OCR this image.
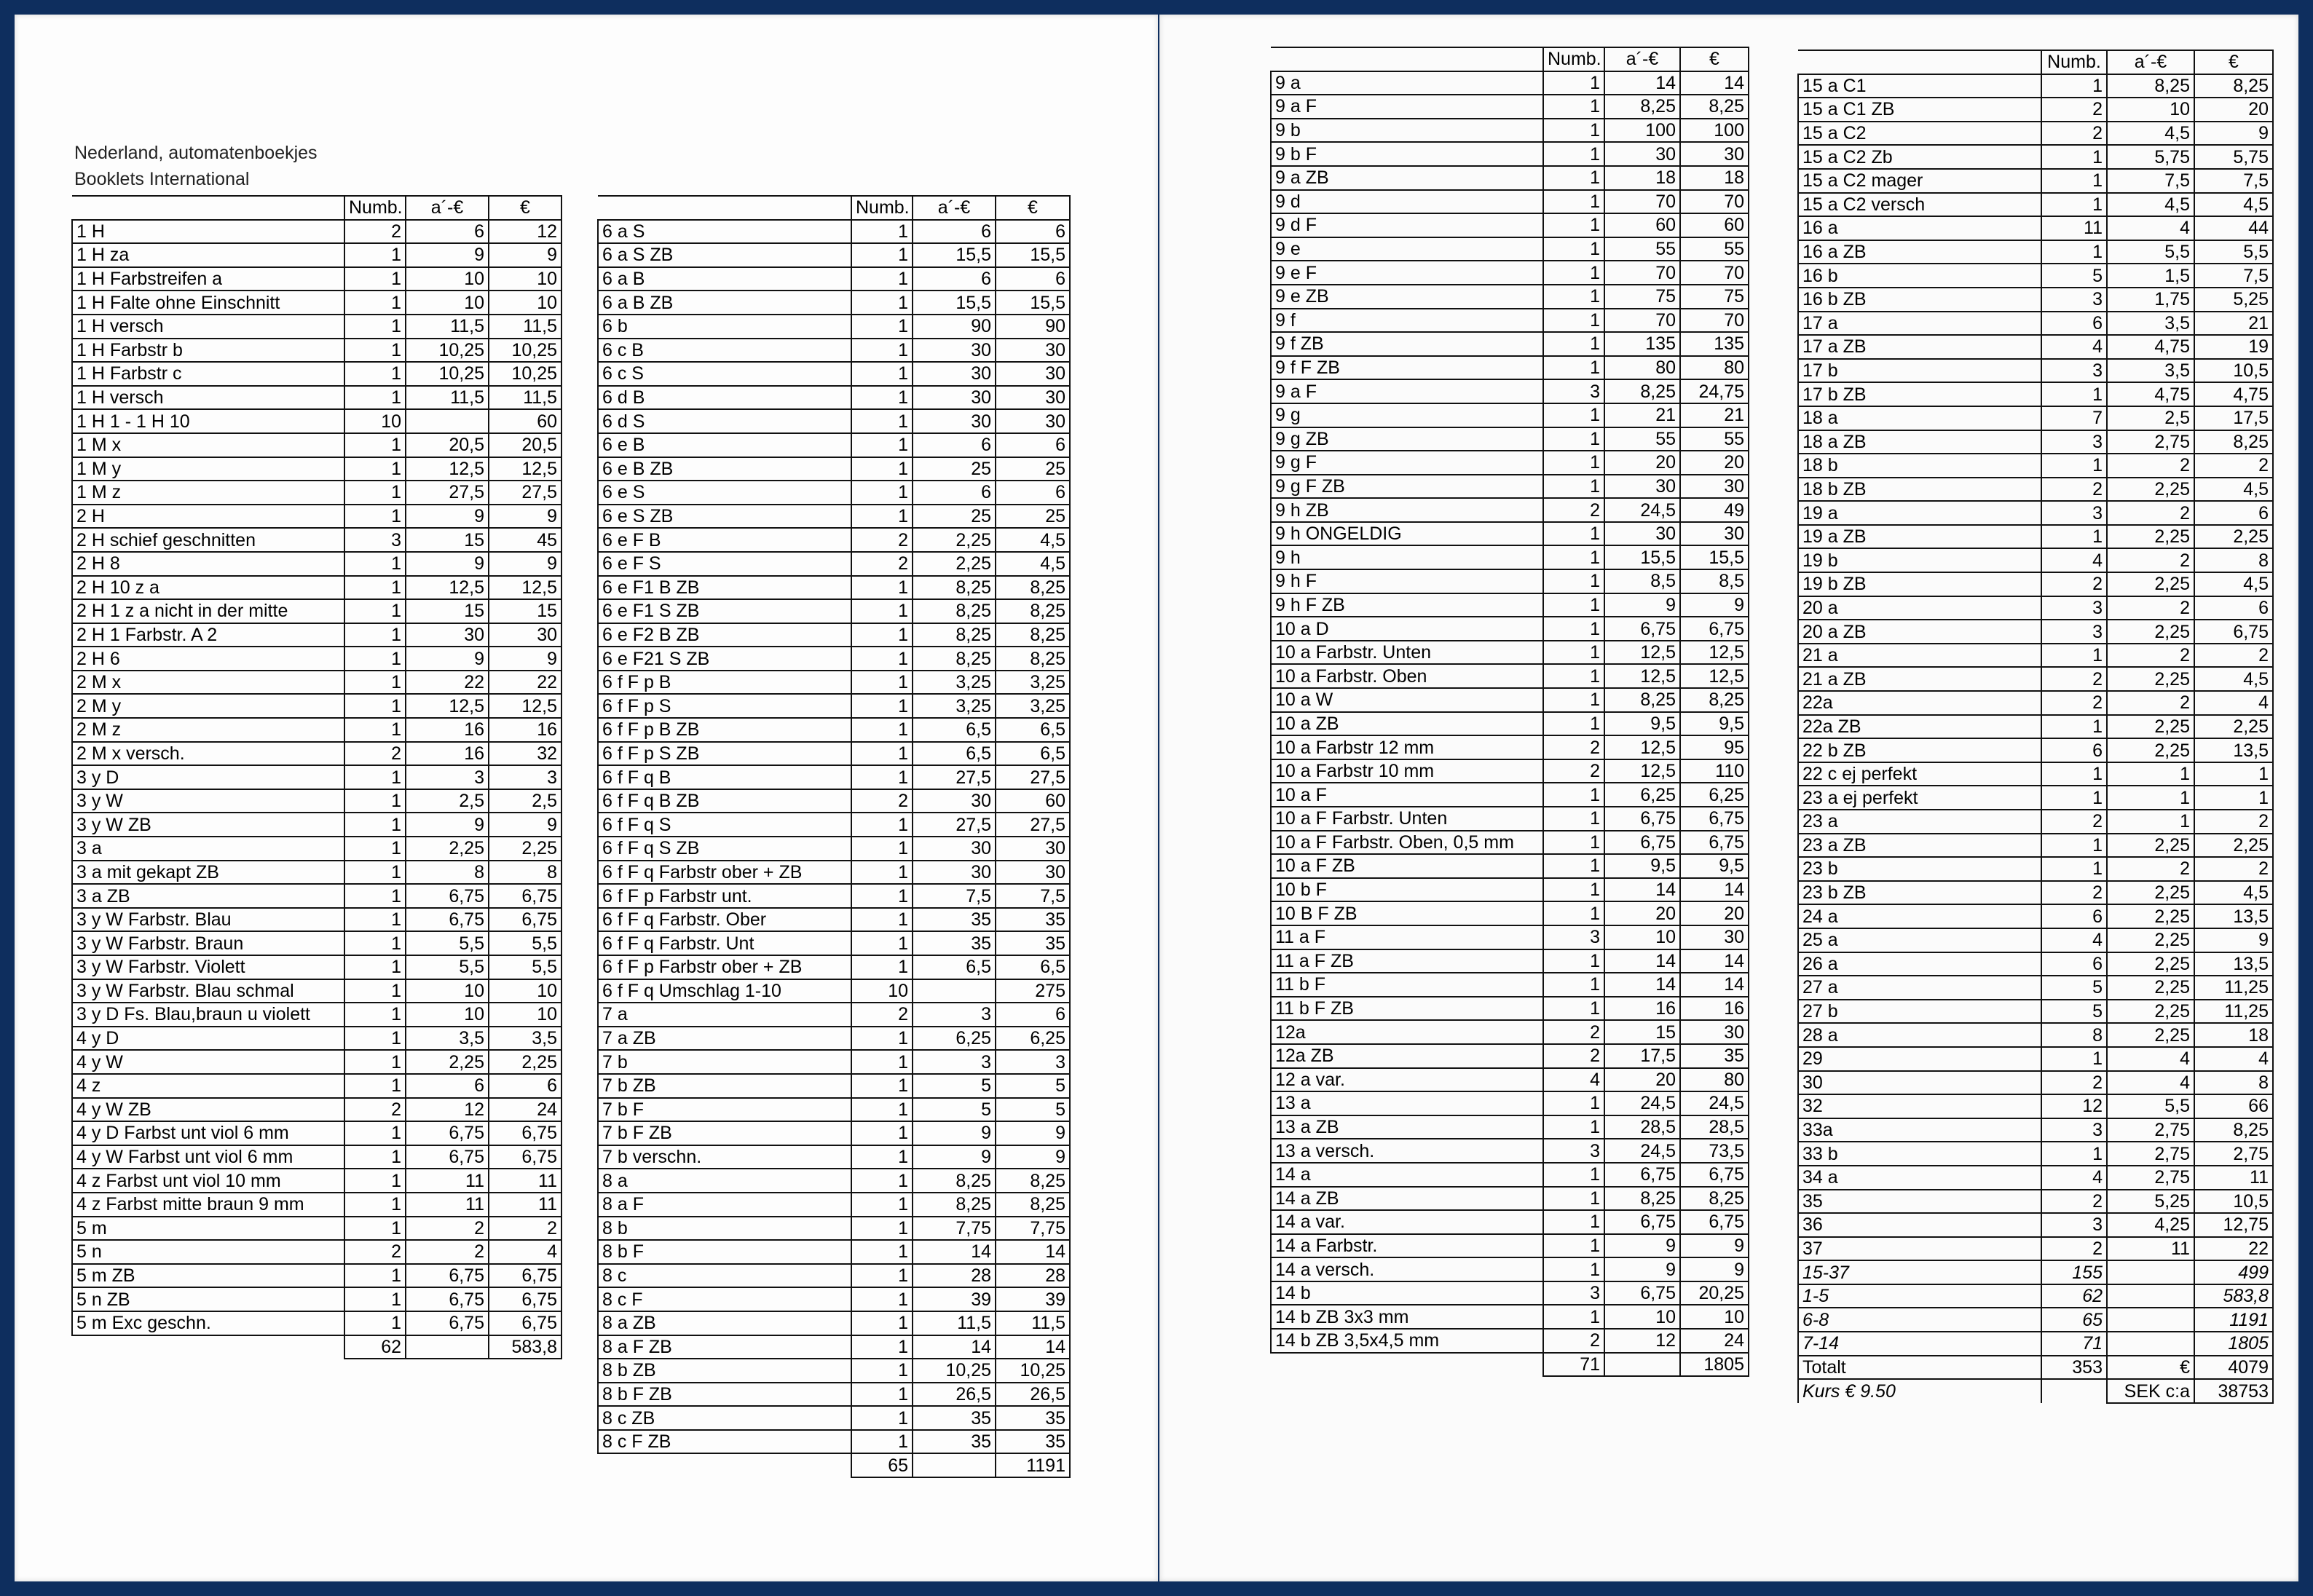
Nederland, automatenboekjes
Booklets International
	Numb.	a´-€	€
1 H	2	6	12
1 H za	1	9	9
1 H Farbstreifen a	1	10	10
1 H Falte ohne Einschnitt	1	10	10
1 H versch	1	11,5	11,5
1 H Farbstr b	1	10,25	10,25
1 H Farbstr c	1	10,25	10,25
1 H versch	1	11,5	11,5
1 H 1 - 1 H 10	10		60
1 M x	1	20,5	20,5
1 M y	1	12,5	12,5
1 M z	1	27,5	27,5
2 H	1	9	9
2 H schief geschnitten	3	15	45
2 H 8	1	9	9
2 H 10 z a	1	12,5	12,5
2 H 1 z a nicht in der mitte	1	15	15
2 H 1 Farbstr. A 2	1	30	30
2 H 6	1	9	9
2 M x	1	22	22
2 M y	1	12,5	12,5
2 M z	1	16	16
2 M x versch.	2	16	32
3 y D	1	3	3
3 y W	1	2,5	2,5
3 y W ZB	1	9	9
3 a	1	2,25	2,25
3 a mit gekapt ZB	1	8	8
3 a ZB	1	6,75	6,75
3 y W Farbstr. Blau	1	6,75	6,75
3 y W Farbstr. Braun	1	5,5	5,5
3 y W Farbstr. Violett	1	5,5	5,5
3 y W Farbstr. Blau schmal	1	10	10
3 y D Fs. Blau,braun u violett	1	10	10
4 y D	1	3,5	3,5
4 y W	1	2,25	2,25
4 z	1	6	6
4 y W ZB	2	12	24
4 y D Farbst unt viol 6 mm	1	6,75	6,75
4 y W Farbst unt viol 6 mm	1	6,75	6,75
4 z Farbst unt viol 10 mm	1	11	11
4 z Farbst mitte braun 9 mm	1	11	11
5 m	1	2	2
5 n	2	2	4
5 m ZB	1	6,75	6,75
5 n ZB	1	6,75	6,75
5 m Exc geschn.	1	6,75	6,75
	62		583,8
	Numb.	a´-€	€
6 a S	1	6	6
6 a S ZB	1	15,5	15,5
6 a B	1	6	6
6 a B ZB	1	15,5	15,5
6 b	1	90	90
6 c B	1	30	30
6 c S	1	30	30
6 d B	1	30	30
6 d S	1	30	30
6 e B	1	6	6
6 e B ZB	1	25	25
6 e S	1	6	6
6 e S ZB	1	25	25
6 e F B	2	2,25	4,5
6 e F S	2	2,25	4,5
6 e F1 B ZB	1	8,25	8,25
6 e F1 S ZB	1	8,25	8,25
6 e F2 B ZB	1	8,25	8,25
6 e F21 S ZB	1	8,25	8,25
6 f F p B	1	3,25	3,25
6 f F p S	1	3,25	3,25
6 f F p B ZB	1	6,5	6,5
6 f F p S ZB	1	6,5	6,5
6 f F q B	1	27,5	27,5
6 f F q B ZB	2	30	60
6 f F q S	1	27,5	27,5
6 f F q S ZB	1	30	30
6 f F q Farbstr ober + ZB	1	30	30
6 f F p Farbstr unt.	1	7,5	7,5
6 f F q Farbstr. Ober	1	35	35
6 f F q Farbstr. Unt	1	35	35
6 f F p Farbstr ober + ZB	1	6,5	6,5
6 f F q Umschlag 1-10	10		275
7 a	2	3	6
7 a ZB	1	6,25	6,25
7 b	1	3	3
7 b ZB	1	5	5
7 b F	1	5	5
7 b F ZB	1	9	9
7 b verschn.	1	9	9
8 a	1	8,25	8,25
8 a F	1	8,25	8,25
8 b	1	7,75	7,75
8 b F	1	14	14
8 c	1	28	28
8 c F	1	39	39
8 a ZB	1	11,5	11,5
8 a F ZB	1	14	14
8 b ZB	1	10,25	10,25
8 b F ZB	1	26,5	26,5
8 c ZB	1	35	35
8 c F ZB	1	35	35
	65		1191
	Numb.	a´-€	€
9 a	1	14	14
9 a F	1	8,25	8,25
9 b	1	100	100
9 b F	1	30	30
9 a ZB	1	18	18
9 d	1	70	70
9 d F	1	60	60
9 e	1	55	55
9 e F	1	70	70
9 e ZB	1	75	75
9 f	1	70	70
9 f ZB	1	135	135
9 f F ZB	1	80	80
9 a F	3	8,25	24,75
9 g	1	21	21
9 g ZB	1	55	55
9 g F	1	20	20
9 g F ZB	1	30	30
9 h ZB	2	24,5	49
9 h ONGELDIG	1	30	30
9 h	1	15,5	15,5
9 h F	1	8,5	8,5
9 h F ZB	1	9	9
10 a D	1	6,75	6,75
10 a Farbstr. Unten	1	12,5	12,5
10 a Farbstr. Oben	1	12,5	12,5
10 a W	1	8,25	8,25
10 a ZB	1	9,5	9,5
10 a Farbstr 12 mm	2	12,5	95
10 a Farbstr 10 mm	2	12,5	110
10 a F	1	6,25	6,25
10 a F Farbstr. Unten	1	6,75	6,75
10 a F Farbstr. Oben, 0,5 mm	1	6,75	6,75
10 a F ZB	1	9,5	9,5
10 b F	1	14	14
10 B F ZB	1	20	20
11 a F	3	10	30
11 a F ZB	1	14	14
11 b F	1	14	14
11 b F ZB	1	16	16
12a	2	15	30
12a ZB	2	17,5	35
12 a var.	4	20	80
13 a	1	24,5	24,5
13 a ZB	1	28,5	28,5
13 a versch.	3	24,5	73,5
14 a	1	6,75	6,75
14 a ZB	1	8,25	8,25
14 a var.	1	6,75	6,75
14 a Farbstr.	1	9	9
14 a versch.	1	9	9
14 b	3	6,75	20,25
14 b ZB 3x3 mm	1	10	10
14 b ZB 3,5x4,5 mm	2	12	24
	71		1805
	Numb.	a´-€	€
15 a C1	1	8,25	8,25
15 a C1 ZB	2	10	20
15 a C2	2	4,5	9
15 a C2 Zb	1	5,75	5,75
15 a C2 mager	1	7,5	7,5
15 a C2 versch	1	4,5	4,5
16 a	11	4	44
16 a ZB	1	5,5	5,5
16 b	5	1,5	7,5
16 b ZB	3	1,75	5,25
17 a	6	3,5	21
17 a ZB	4	4,75	19
17 b	3	3,5	10,5
17 b ZB	1	4,75	4,75
18 a	7	2,5	17,5
18 a ZB	3	2,75	8,25
18 b	1	2	2
18 b ZB	2	2,25	4,5
19 a	3	2	6
19 a ZB	1	2,25	2,25
19 b	4	2	8
19 b ZB	2	2,25	4,5
20 a	3	2	6
20 a ZB	3	2,25	6,75
21 a	1	2	2
21 a ZB	2	2,25	4,5
22a	2	2	4
22a ZB	1	2,25	2,25
22 b ZB	6	2,25	13,5
22 c ej perfekt	1	1	1
23 a ej perfekt	1	1	1
23 a	2	1	2
23 a ZB	1	2,25	2,25
23 b	1	2	2
23 b ZB	2	2,25	4,5
24 a	6	2,25	13,5
25 a	4	2,25	9
26 a	6	2,25	13,5
27 a	5	2,25	11,25
27 b	5	2,25	11,25
28 a	8	2,25	18
29	1	4	4
30	2	4	8
32	12	5,5	66
33a	3	2,75	8,25
33 b	1	2,75	2,75
34 a	4	2,75	11
35	2	5,25	10,5
36	3	4,25	12,75
37	2	11	22
15-37	155		499
1-5	62		583,8
6-8	65		1191
7-14	71		1805
Totalt	353	€	4079
Kurs € 9.50		SEK c:a	38753
